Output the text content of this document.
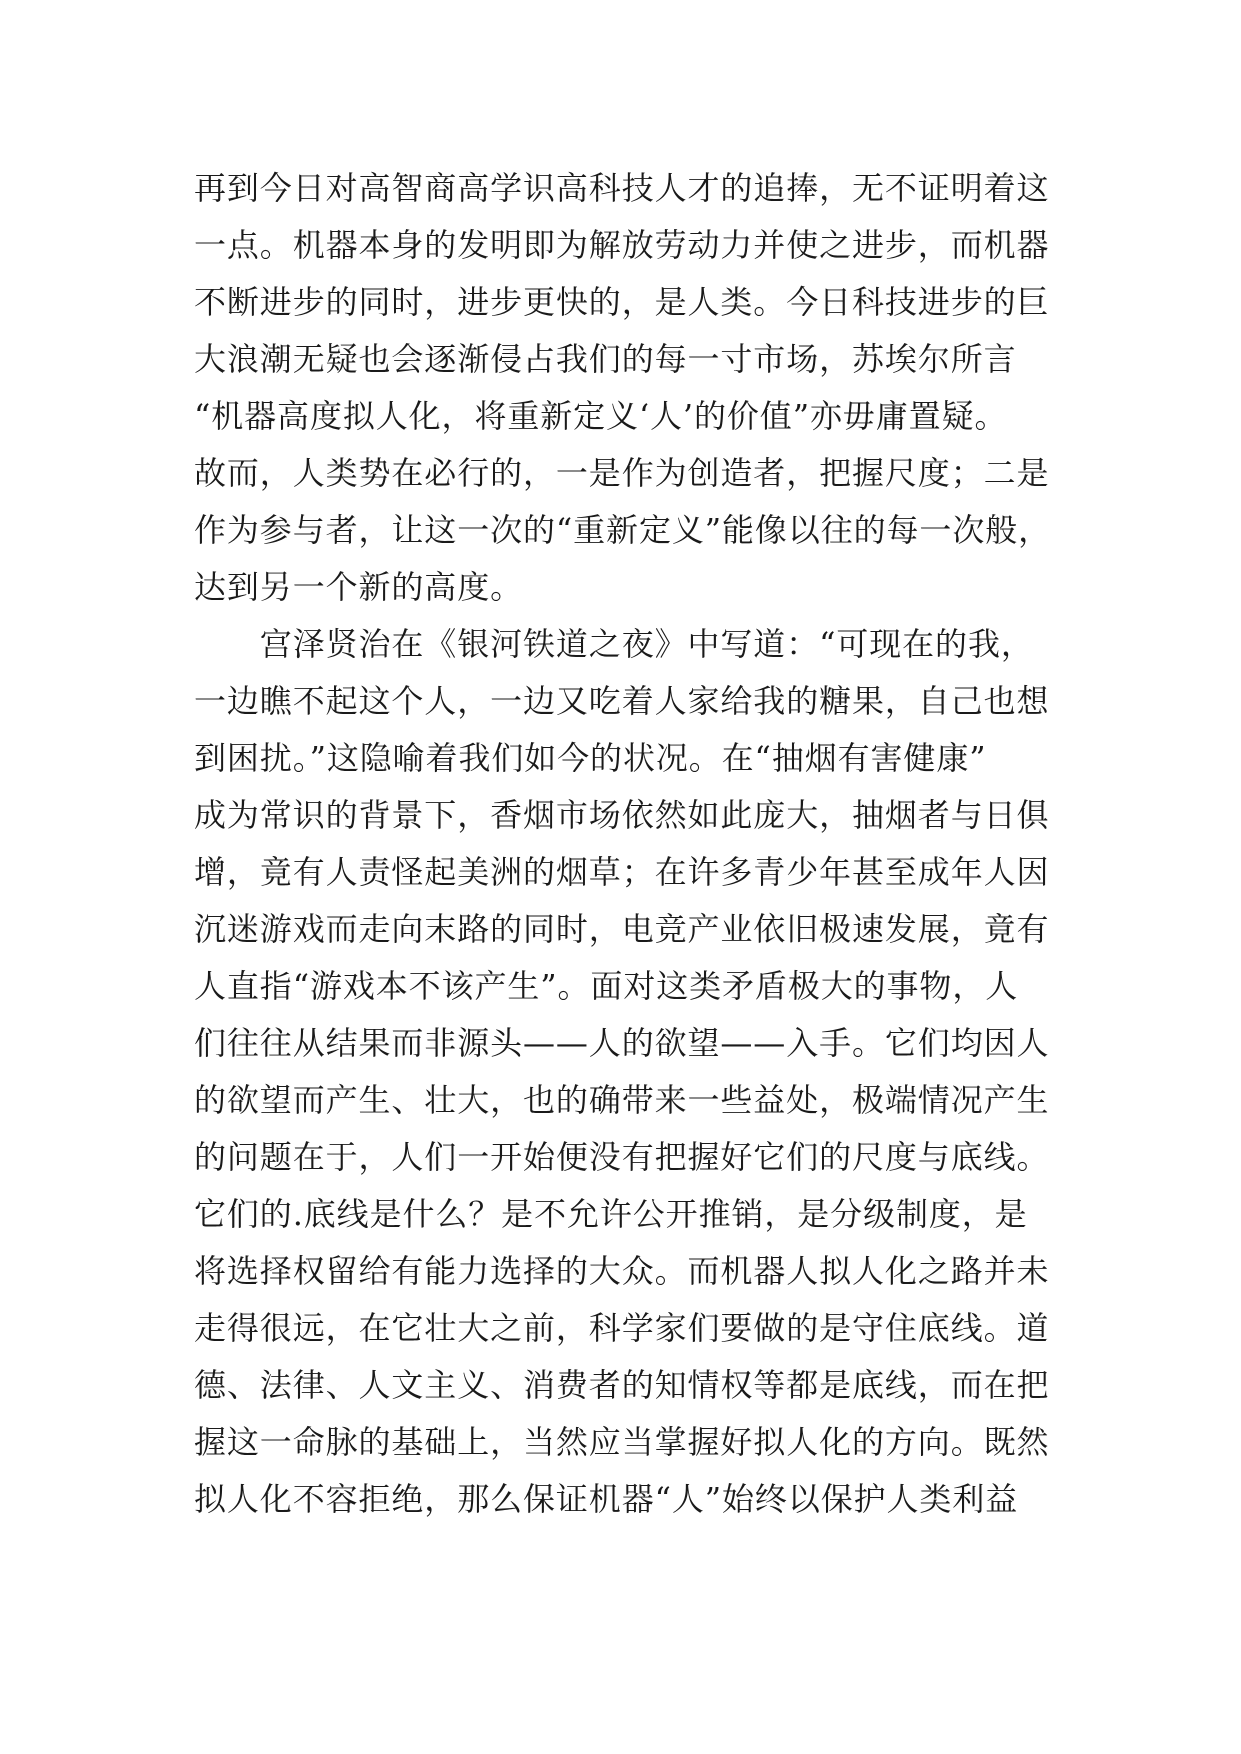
再到今日对高智商高学识高科技人才的追捧，无不证明着这
一点。机器本身的发明即为解放劳动力并使之进步，而机器
不断进步的同时，进步更快的，是人类。今日科技进步的巨
大浪潮无疑也会逐渐侵占我们的每一寸市场，苏埃尔所言
“机器高度拟人化，将重新定义‘人’的价值”亦毋庸置疑。
故而，人类势在必行的，一是作为创造者，把握尺度；二是
作为参与者，让这一次的“重新定义”能像以往的每一次般，
达到另一个新的高度。
　　宫泽贤治在《银河铁道之夜》中写道：“可现在的我，
一边瞧不起这个人，一边又吃着人家给我的糖果，自己也想
到困扰。”这隐喻着我们如今的状况。在“抽烟有害健康”
成为常识的背景下，香烟市场依然如此庞大，抽烟者与日俱
增，竟有人责怪起美洲的烟草；在许多青少年甚至成年人因
沉迷游戏而走向末路的同时，电竞产业依旧极速发展，竟有
人直指“游戏本不该产生”。面对这类矛盾极大的事物，人
们往往从结果而非源头——人的欲望——入手。它们均因人
的欲望而产生、壮大，也的确带来一些益处，极端情况产生
的问题在于，人们一开始便没有把握好它们的尺度与底线。
它们的.底线是什么？是不允许公开推销，是分级制度，是
将选择权留给有能力选择的大众。而机器人拟人化之路并未
走得很远，在它壮大之前，科学家们要做的是守住底线。道
德、法律、人文主义、消费者的知情权等都是底线，而在把
握这一命脉的基础上，当然应当掌握好拟人化的方向。既然
拟人化不容拒绝，那么保证机器“人”始终以保护人类利益
